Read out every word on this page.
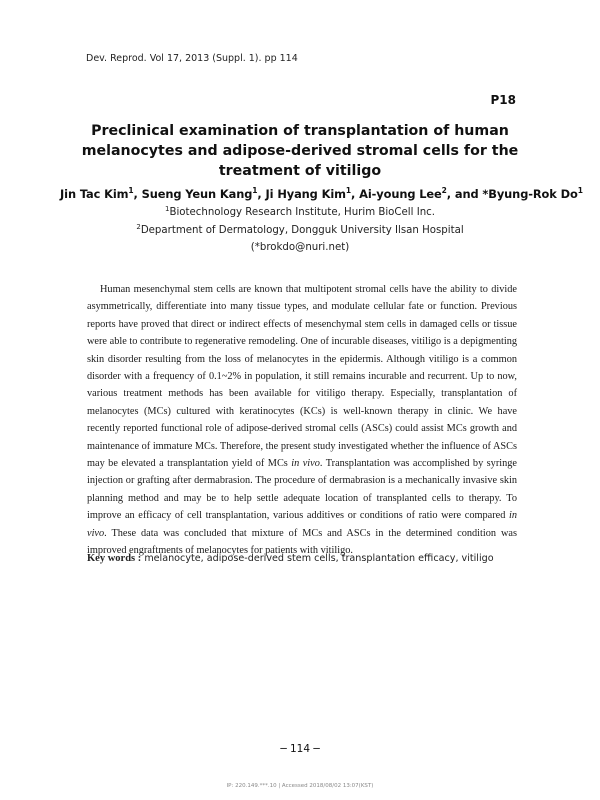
Dev. Reprod. Vol 17, 2013 (Suppl. 1). pp 114
P18
Preclinical examination of transplantation of human
melanocytes and adipose-derived stromal cells for the
treatment of vitiligo
Jin Tac Kim$^1$, Sueng Yeun Kang$^1$, Ji Hyang Kim$^1$, Ai-young Lee$^2$, and *Byung-Rok Do$^1$
$^1$Biotechnology Research Institute, Hurim BioCell Inc.
$^2$Department of Dermatology, Dongguk University Ilsan Hospital
(*brokdo@nuri.net)

Human mesenchymal stem cells are known that multipotent stromal cells have the ability to divide asymmetrically, differentiate into many tissue types, and modulate cellular fate or function. Previous reports have proved that direct or indirect effects of mesenchymal stem cells in damaged cells or tissue were able to contribute to regenerative remodeling. One of incurable diseases, vitiligo is a depigmenting skin disorder resulting from the loss of melanocytes in the epidermis. Although vitiligo is a common disorder with a frequency of 0.1~2% in population, it still remains incurable and recurrent. Up to now, various treatment methods has been available for vitiligo therapy. Especially, transplantation of melanocytes (MCs) cultured with keratinocytes (KCs) is well-known therapy in clinic. We have recently reported functional role of adipose-derived stromal cells (ASCs) could assist MCs growth and maintenance of immature MCs. Therefore, the present study investigated whether the influence of ASCs may be elevated a transplantation yield of MCs in vivo. Transplantation was accomplished by syringe injection or grafting after dermabrasion. The procedure of dermabrasion is a mechanically invasive skin planning method and may be to help settle adequate location of transplanted cells to therapy. To improve an efficacy of cell transplantation, various additives or conditions of ratio were compared in vivo. These data was concluded that mixture of MCs and ASCs in the determined condition was improved engraftments of melanocytes for patients with vitiligo.

Key words : melanocyte, adipose-derived stem cells, transplantation efficacy, vitiligo
─ 114 ─
IP: 220.149.***.10 | Accessed 2018/08/02 13:07(KST)
